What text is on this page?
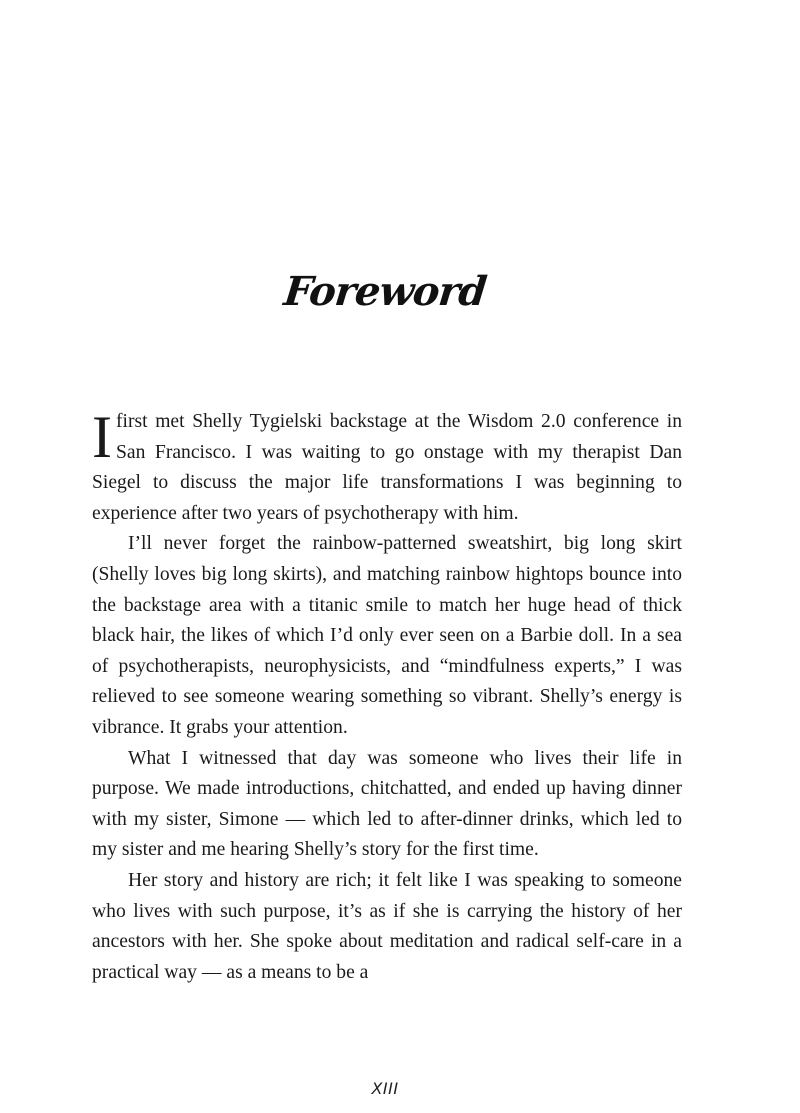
Foreword

I first met Shelly Tygielski backstage at the Wisdom 2.0 conference in San Francisco. I was waiting to go onstage with my therapist Dan Siegel to discuss the major life transformations I was beginning to experience after two years of psychotherapy with him.

I’ll never forget the rainbow-patterned sweatshirt, big long skirt (Shelly loves big long skirts), and matching rainbow hightops bounce into the backstage area with a titanic smile to match her huge head of thick black hair, the likes of which I’d only ever seen on a Barbie doll. In a sea of psychotherapists, neurophysicists, and “mindfulness experts,” I was relieved to see someone wearing something so vibrant. Shelly’s energy is vibrance. It grabs your attention.

What I witnessed that day was someone who lives their life in purpose. We made introductions, chitchatted, and ended up having dinner with my sister, Simone — which led to after-dinner drinks, which led to my sister and me hearing Shelly’s story for the first time.

Her story and history are rich; it felt like I was speaking to someone who lives with such purpose, it’s as if she is carrying the history of her ancestors with her. She spoke about meditation and radical self-care in a practical way — as a means to be a

XIII
